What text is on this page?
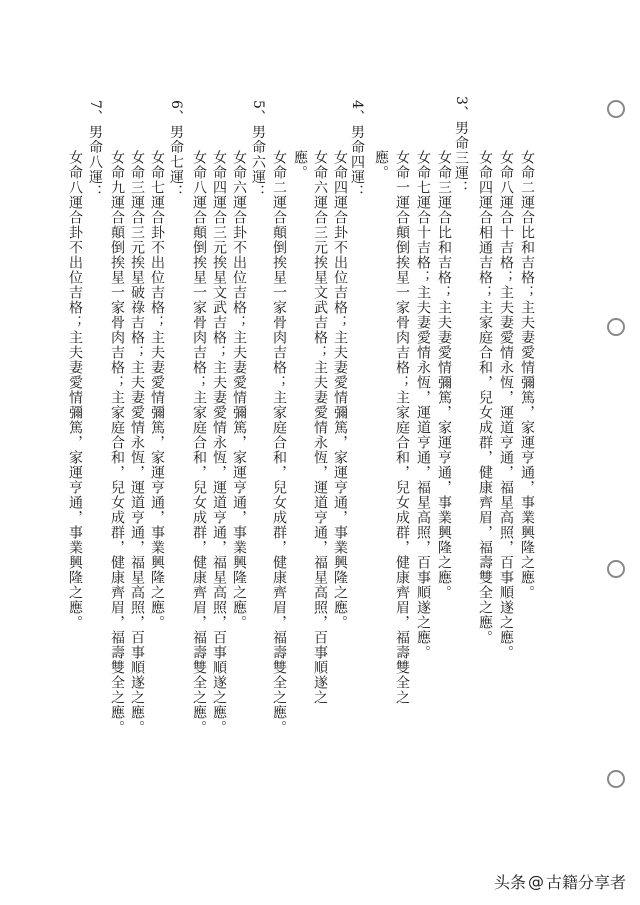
3、男命三運：
女命二運合比和吉格；主夫妻愛情彌篤，家運亨通，事業興隆之應。
女命八運合十吉格；主夫妻愛情永恆，運道亨通，福星高照，百事順遂之應。
女命四運合相通吉格；主家庭合和，兒女成群，健康齊眉，福壽雙全之應。
女命三運合比和吉格；主夫妻愛情彌篤，家運亨通，事業興隆之應。
女命七運合十吉格；主夫妻愛情永恆，運道亨通，福星高照，百事順遂之應。
女命一運合顛倒挨星一家骨肉吉格；主家庭合和，兒女成群，健康齊眉，福壽雙全之
應。
4、男命四運：
女命四運合卦不出位吉格；主夫妻愛情彌篤，家運亨通，事業興隆之應。
女命六運合三元挨星文武吉格；主夫妻愛情永恆，運道亨通，福星高照，百事順遂之
應。
女命二運合顛倒挨星一家骨肉吉格；主家庭合和，兒女成群，健康齊眉，福壽雙全之應。
5、男命六運：
女命六運合卦不出位吉格；主夫妻愛情彌篤，家運亨通，事業興隆之應。
女命四運合三元挨星文武吉格；主夫妻愛情永恆，運道亨通，福星高照，百事順遂之應。
女命八運合顛倒挨星一家骨肉吉格；主家庭合和，兒女成群，健康齊眉，福壽雙全之應。
6、男命七運：
女命七運合卦不出位吉格；主夫妻愛情彌篤，家運亨通，事業興隆之應。
女命三運合三元挨星破祿吉格；主夫妻愛情永恆，運道亨通，福星高照，百事順遂之應。
女命九運合顛倒挨星一家骨肉吉格；主家庭合和，兒女成群，健康齊眉，福壽雙全之應。
7、男命八運：
女命八運合卦不出位吉格；主夫妻愛情彌篤，家運亨通，事業興隆之應。
头条 @ 古籍分享者
